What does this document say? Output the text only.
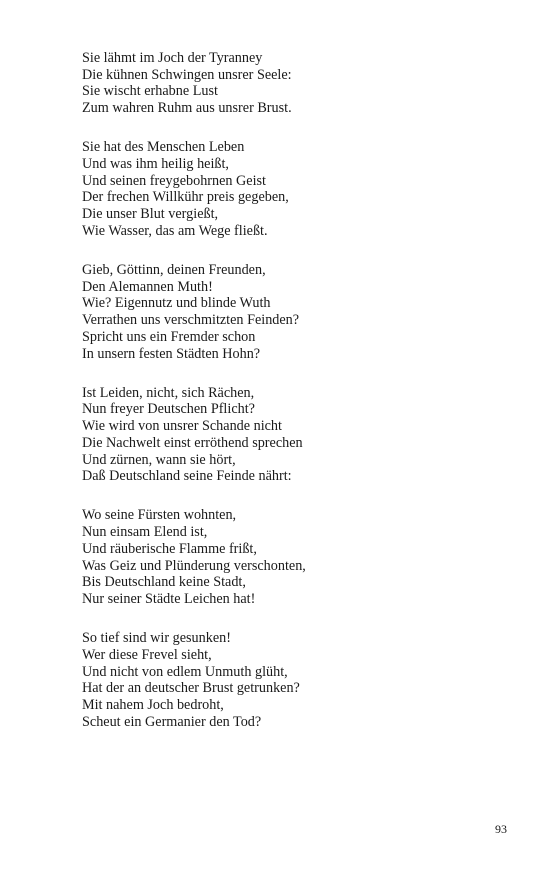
Sie lähmt im Joch der Tyranney
Die kühnen Schwingen unsrer Seele:
Sie wischt erhabne Lust
Zum wahren Ruhm aus unsrer Brust.
Sie hat des Menschen Leben
Und was ihm heilig heißt,
Und seinen freygebohrnen Geist
Der frechen Willkühr preis gegeben,
Die unser Blut vergießt,
Wie Wasser, das am Wege fließt.
Gieb, Göttinn, deinen Freunden,
Den Alemannen Muth!
Wie? Eigennutz und blinde Wuth
Verrathen uns verschmitzten Feinden?
Spricht uns ein Fremder schon
In unsern festen Städten Hohn?
Ist Leiden, nicht, sich Rächen,
Nun freyer Deutschen Pflicht?
Wie wird von unsrer Schande nicht
Die Nachwelt einst erröthend sprechen
Und zürnen, wann sie hört,
Daß Deutschland seine Feinde nährt:
Wo seine Fürsten wohnten,
Nun einsam Elend ist,
Und räuberische Flamme frißt,
Was Geiz und Plünderung verschonten,
Bis Deutschland keine Stadt,
Nur seiner Städte Leichen hat!
So tief sind wir gesunken!
Wer diese Frevel sieht,
Und nicht von edlem Unmuth glüht,
Hat der an deutscher Brust getrunken?
Mit nahem Joch bedroht,
Scheut ein Germanier den Tod?
93
